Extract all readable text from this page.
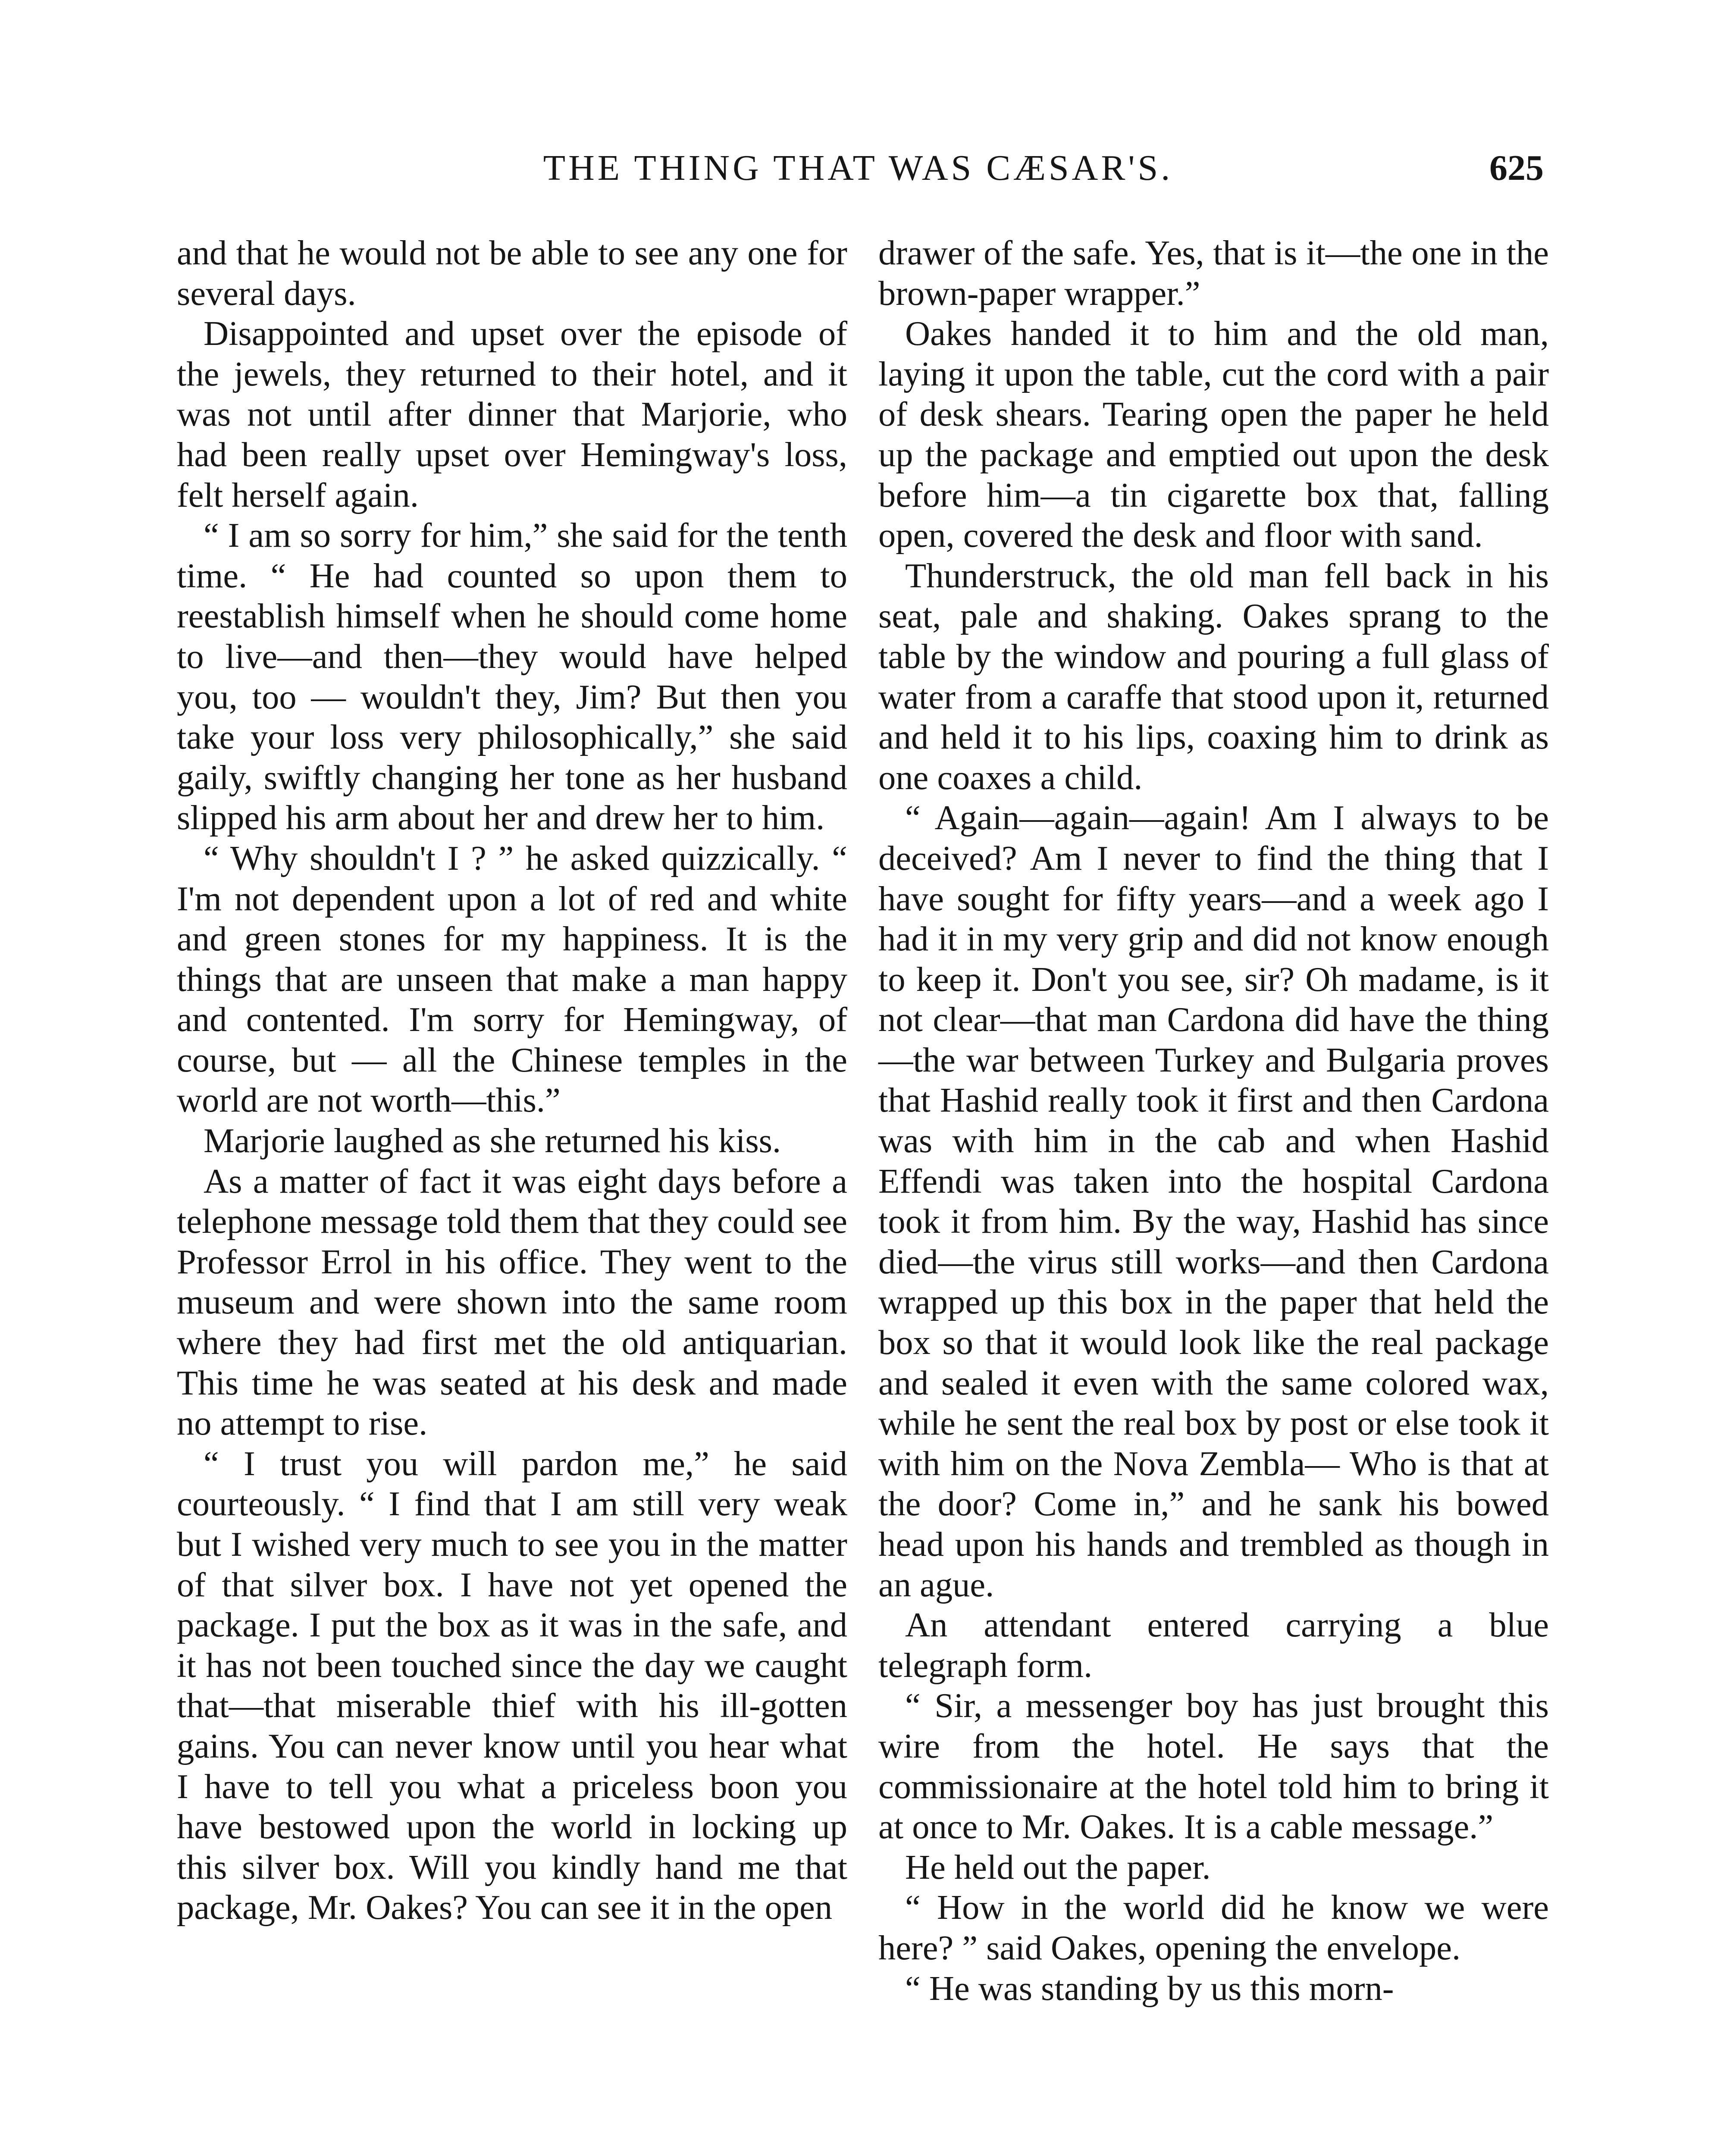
THE THING THAT WAS CÆSAR'S.	625

and that he would not be able to see any one for several days.

Disappointed and upset over the episode of the jewels, they returned to their hotel, and it was not until after dinner that Marjorie, who had been really upset over Hemingway's loss, felt herself again.

“ I am so sorry for him,” she said for the tenth time. “ He had counted so upon them to reestablish himself when he should come home to live—and then—they would have helped you, too — wouldn't they, Jim? But then you take your loss very philosophically,” she said gaily, swiftly changing her tone as her husband slipped his arm about her and drew her to him.

“ Why shouldn't I ? ” he asked quizzically. “ I'm not dependent upon a lot of red and white and green stones for my happiness. It is the things that are unseen that make a man happy and contented. I'm sorry for Hemingway, of course, but — all the Chinese temples in the world are not worth—this.”

Marjorie laughed as she returned his kiss.

As a matter of fact it was eight days before a telephone message told them that they could see Professor Errol in his office. They went to the museum and were shown into the same room where they had first met the old antiquarian. This time he was seated at his desk and made no attempt to rise.

“ I trust you will pardon me,” he said courteously. “ I find that I am still very weak but I wished very much to see you in the matter of that silver box. I have not yet opened the package. I put the box as it was in the safe, and it has not been touched since the day we caught that—that miserable thief with his ill-gotten gains. You can never know until you hear what I have to tell you what a priceless boon you have bestowed upon the world in locking up this silver box. Will you kindly hand me that package, Mr. Oakes? You can see it in the open

drawer of the safe. Yes, that is it—the one in the brown-paper wrapper.”

Oakes handed it to him and the old man, laying it upon the table, cut the cord with a pair of desk shears. Tearing open the paper he held up the package and emptied out upon the desk before him—a tin cigarette box that, falling open, covered the desk and floor with sand.

Thunderstruck, the old man fell back in his seat, pale and shaking. Oakes sprang to the table by the window and pouring a full glass of water from a caraffe that stood upon it, returned and held it to his lips, coaxing him to drink as one coaxes a child.

“ Again—again—again! Am I always to be deceived? Am I never to find the thing that I have sought for fifty years—and a week ago I had it in my very grip and did not know enough to keep it. Don't you see, sir? Oh madame, is it not clear—that man Cardona did have the thing—the war between Turkey and Bulgaria proves that Hashid really took it first and then Cardona was with him in the cab and when Hashid Effendi was taken into the hospital Cardona took it from him. By the way, Hashid has since died—the virus still works—and then Cardona wrapped up this box in the paper that held the box so that it would look like the real package and sealed it even with the same colored wax, while he sent the real box by post or else took it with him on the Nova Zembla— Who is that at the door? Come in,” and he sank his bowed head upon his hands and trembled as though in an ague.

An attendant entered carrying a blue telegraph form.

“ Sir, a messenger boy has just brought this wire from the hotel. He says that the commissionaire at the hotel told him to bring it at once to Mr. Oakes. It is a cable message.”

He held out the paper.

“ How in the world did he know we were here? ” said Oakes, opening the envelope.

“ He was standing by us this morn-
